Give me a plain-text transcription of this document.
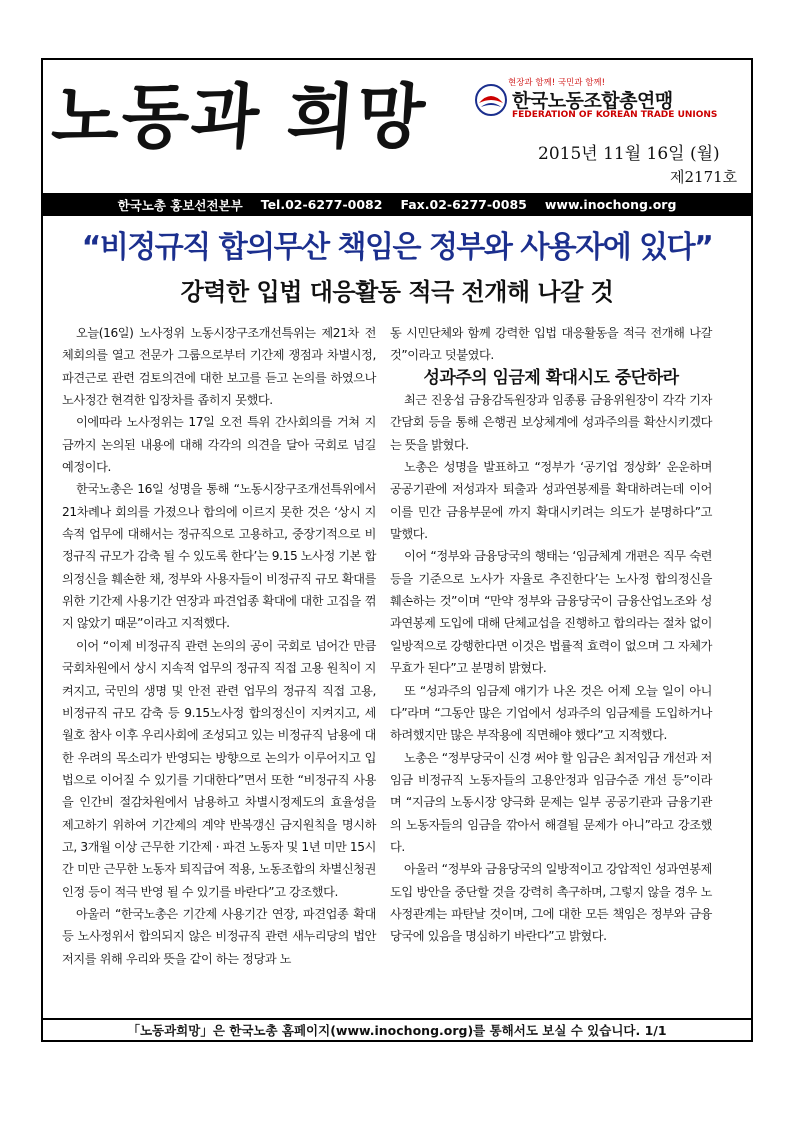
노동과 희망	현장과 함께! 국민과 함께!
한국노동조합총연맹
FEDERATION OF KOREAN TRADE UNIONS
2015년 11월 16일 (월)
제2171호
한국노총 홍보선전본부 Tel.02-6277-0082 Fax.02-6277-0085 www.inochong.org
“비정규직 합의무산 책임은 정부와 사용자에 있다”
강력한 입법 대응활동 적극 전개해 나갈 것

오늘(16일) 노사정위 노동시장구조개선특위는 제21차 전체회의를 열고 전문가 그룹으로부터 기간제 쟁점과 차별시정, 파견근로 관련 검토의견에 대한 보고를 듣고 논의를 하였으나 노사정간 현격한 입장차를 좁히지 못했다.

이에따라 노사정위는 17일 오전 특위 간사회의를 거쳐 지금까지 논의된 내용에 대해 각각의 의견을 달아 국회로 넘길 예정이다.

한국노총은 16일 성명을 통해 “노동시장구조개선특위에서 21차례나 회의를 가졌으나 합의에 이르지 못한 것은 ‘상시 지속적 업무에 대해서는 정규직으로 고용하고, 중장기적으로 비정규직 규모가 감축 될 수 있도록 한다’는 9.15 노사정 기본 합의정신을 훼손한 채, 정부와 사용자들이 비정규직 규모 확대를 위한 기간제 사용기간 연장과 파견업종 확대에 대한 고집을 꺾지 않았기 때문”이라고 지적했다.

이어 “이제 비정규직 관련 논의의 공이 국회로 넘어간 만큼 국회차원에서 상시 지속적 업무의 정규직 직접 고용 원칙이 지켜지고, 국민의 생명 및 안전 관련 업무의 정규직 직접 고용, 비정규직 규모 감축 등 9.15노사정 합의정신이 지켜지고, 세월호 참사 이후 우리사회에 조성되고 있는 비정규직 남용에 대한 우려의 목소리가 반영되는 방향으로 논의가 이루어지고 입법으로 이어질 수 있기를 기대한다”면서 또한 “비정규직 사용을 인간비 절감차원에서 남용하고 차별시정제도의 효율성을 제고하기 위하여 기간제의 계약 반복갱신 금지원칙을 명시하고, 3개월 이상 근무한 기간제 · 파견 노동자 및 1년 미만 15시간 미만 근무한 노동자 퇴직급여 적용, 노동조합의 차별신청권 인정 등이 적극 반영 될 수 있기를 바란다”고 강조했다.

아울러 “한국노총은 기간제 사용기간 연장, 파견업종 확대 등 노사정위서 합의되지 않은 비정규직 관련 새누리당의 법안 저지를 위해 우리와 뜻을 같이 하는 정당과 노

동 시민단체와 함께 강력한 입법 대응활동을 적극 전개해 나갈 것”이라고 덧붙였다.

성과주의 임금제 확대시도 중단하라

최근 진웅섭 금융감독원장과 임종룡 금융위원장이 각각 기자간담회 등을 통해 은행권 보상체계에 성과주의를 확산시키겠다는 뜻을 밝혔다.

노총은 성명을 발표하고 “정부가 ‘공기업 정상화’ 운운하며 공공기관에 저성과자 퇴출과 성과연봉제를 확대하려는데 이어 이를 민간 금융부문에 까지 확대시키려는 의도가 분명하다”고 말했다.

이어 “정부와 금융당국의 행태는 ‘임금체계 개편은 직무 숙련 등을 기준으로 노사가 자율로 추진한다’는 노사정 합의정신을 훼손하는 것”이며 “만약 정부와 금융당국이 금융산업노조와 성과연봉제 도입에 대해 단체교섭을 진행하고 합의라는 절차 없이 일방적으로 강행한다면 이것은 법률적 효력이 없으며 그 자체가 무효가 된다”고 분명히 밝혔다.

또 “성과주의 임금제 얘기가 나온 것은 어제 오늘 일이 아니다”라며 “그동안 많은 기업에서 성과주의 임금제를 도입하거나 하려했지만 많은 부작용에 직면해야 했다”고 지적했다.

노총은 “정부당국이 신경 써야 할 임금은 최저임금 개선과 저임금 비정규직 노동자들의 고용안정과 임금수준 개선 등”이라며 “지금의 노동시장 양극화 문제는 일부 공공기관과 금융기관의 노동자들의 임금을 깎아서 해결될 문제가 아니”라고 강조했다.

아울러 “정부와 금융당국의 일방적이고 강압적인 성과연봉제 도입 방안을 중단할 것을 강력히 촉구하며, 그렇지 않을 경우 노사정관계는 파탄날 것이며, 그에 대한 모든 책임은 정부와 금융당국에 있음을 명심하기 바란다”고 밝혔다.

「노동과희망」은 한국노총 홈페이지(www.inochong.org)를 통해서도 보실 수 있습니다. 1/1
